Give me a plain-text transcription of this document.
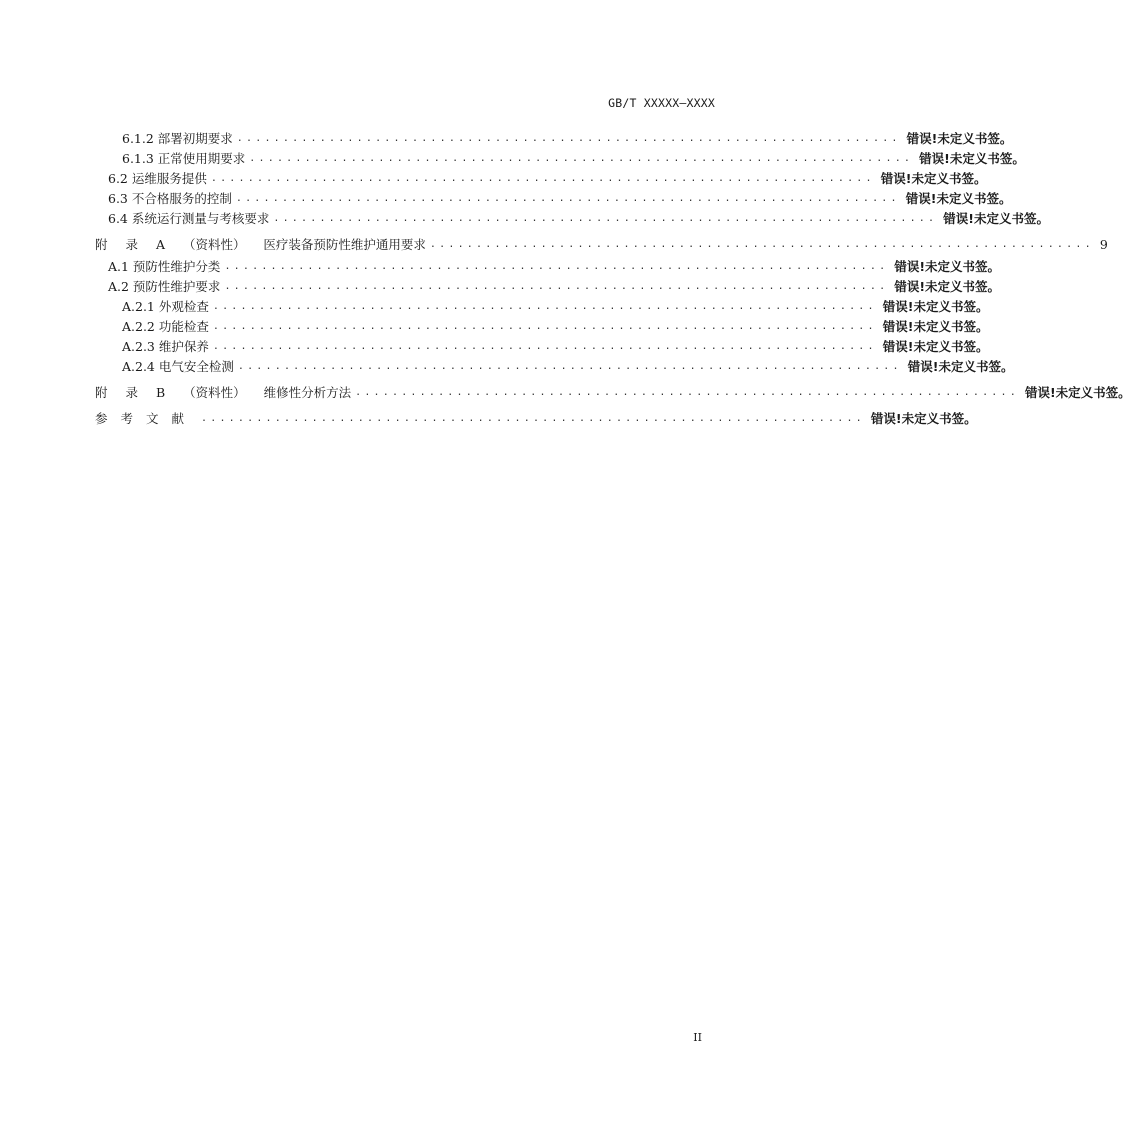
GB/T XXXXX—XXXX
6.1.2 部署初期要求 ........................................................................ 错误!未定义书签。
6.1.3 正常使用期要求 ........................................................................ 错误!未定义书签。
6.2 运维服务提供 ........................................................................ 错误!未定义书签。
6.3 不合格服务的控制 ........................................................................ 错误!未定义书签。
6.4 系统运行测量与考核要求 ........................................................................ 错误!未定义书签。
附 录 A （资料性） 医疗装备预防性维护通用要求 ........................................................................ 9
A.1 预防性维护分类 ........................................................................ 错误!未定义书签。
A.2 预防性维护要求 ........................................................................ 错误!未定义书签。
A.2.1 外观检查 ........................................................................ 错误!未定义书签。
A.2.2 功能检查 ........................................................................ 错误!未定义书签。
A.2.3 维护保养 ........................................................................ 错误!未定义书签。
A.2.4 电气安全检测 ........................................................................ 错误!未定义书签。
附 录 B （资料性） 维修性分析方法 ........................................................................ 错误!未定义书签。
参考文献 ........................................................................ 错误!未定义书签。
II
